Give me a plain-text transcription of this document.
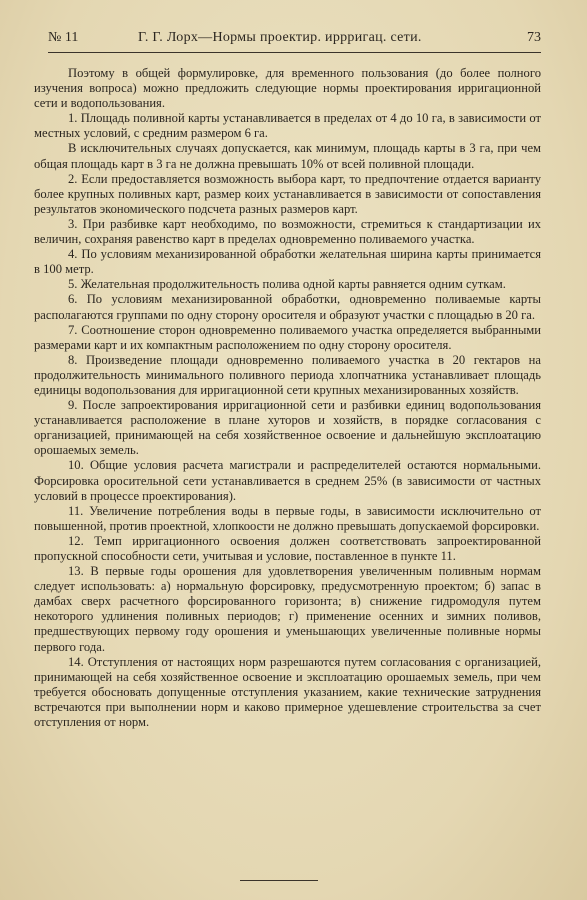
№ 11	Г. Г. Лорх—Нормы проектир. иррригац. сети.	73

Поэтому в общей формулировке, для временного пользования (до более полного изучения вопроса) можно предложить следующие нормы проектирования ирригационной сети и водопользования.

1. Площадь поливной карты устанавливается в пределах от 4 до 10 га, в зависимости от местных условий, с средним размером 6 га.

В исключительных случаях допускается, как минимум, площадь карты в 3 га, при чем общая площадь карт в 3 га не должна превышать 10% от всей поливной площади.

2. Если предоставляется возможность выбора карт, то предпочтение отдается варианту более крупных поливных карт, размер коих устанавливается в зависимости от сопоставления результатов экономического подсчета разных размеров карт.

3. При разбивке карт необходимо, по возможности, стремиться к стандартизации их величин, сохраняя равенство карт в пределах одновременно поливаемого участка.

4. По условиям механизированной обработки желательная ширина карты принимается в 100 метр.

5. Желательная продолжительность полива одной карты равняется одним суткам.

6. По условиям механизированной обработки, одновременно поливаемые карты располагаются группами по одну сторону оросителя и образуют участки с площадью в 20 га.

7. Соотношение сторон одновременно поливаемого участка определяется выбранными размерами карт и их компактным расположением по одну сторону оросителя.

8. Произведение площади одновременно поливаемого участка в 20 гектаров на продолжительность минимального поливного периода хлопчатника устанавливает площадь единицы водопользования для ирригационной сети крупных механизированных хозяйств.

9. После запроектирования ирригационной сети и разбивки единиц водопользования устанавливается расположение в плане хуторов и хозяйств, в порядке согласования с организацией, принимающей на себя хозяйственное освоение и дальнейшую эксплоатацию орошаемых земель.

10. Общие условия расчета магистрали и распределителей остаются нормальными. Форсировка оросительной сети устанавливается в среднем 25% (в зависимости от частных условий в процессе проектирования).

11. Увеличение потребления воды в первые годы, в зависимости исключительно от повышенной, против проектной, хлопкоости не должно превышать допускаемой форсировки.

12. Темп ирригационного освоения должен соответствовать запроектированной пропускной способности сети, учитывая и условие, поставленное в пункте 11.

13. В первые годы орошения для удовлетворения увеличенным поливным нормам следует использовать: а) нормальную форсировку, предусмотренную проектом; б) запас в дамбах сверх расчетного форсированного горизонта; в) снижение гидромодуля путем некоторого удлинения поливных периодов; г) применение осенних и зимних поливов, предшествующих первому году орошения и уменьшающих увеличенные поливные нормы первого года.

14. Отступления от настоящих норм разрешаются путем согласования с организацией, принимающей на себя хозяйственное освоение и эксплоатацию орошаемых земель, при чем требуется обосновать допущенные отступления указанием, какие технические затруднения встречаются при выполнении норм и каково примерное удешевление строительства за счет отступления от норм.
